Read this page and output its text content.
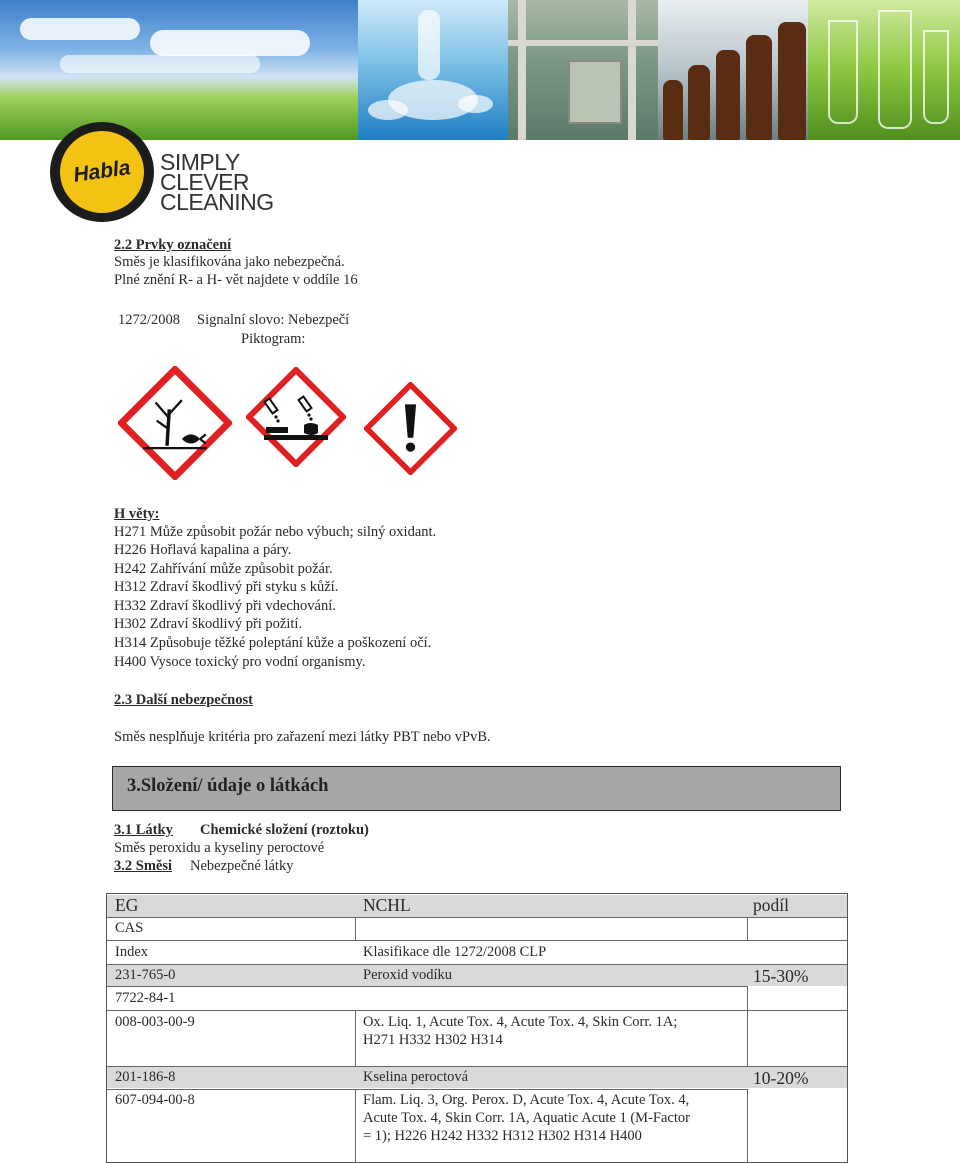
Habla	SIMPLY
CLEVER
CLEANING
2.2 Prvky označení
Směs je klasifikována jako nebezpečná.
Plné znění R- a H- vět najdete v oddíle 16
1272/2008 Signalní slovo: Nebezpečí
Piktogram:
H věty:
H271 Může způsobit požár nebo výbuch; silný oxidant.
H226 Hořlavá kapalina a páry.
H242 Zahřívání může způsobit požár.
H312 Zdraví škodlivý při styku s kůží.
H332 Zdraví škodlivý při vdechování.
H302 Zdraví škodlivý při požití.
H314 Způsobuje těžké poleptání kůže a poškození očí.
H400 Vysoce toxický pro vodní organismy.
2.3 Další nebezpečnost
Směs nesplňuje kritéria pro zařazení mezi látky PBT nebo vPvB.
3.Složení/ údaje o látkách
3.1 Látky Chemické složení (roztoku)
Směs peroxidu a kyseliny peroctové
3.2 Směsi Nebezpečné látky
EG	NCHL	podíl
CAS
Index	Klasifikace dle 1272/2008 CLP
231-765-0	Peroxid vodíku	15-30%
7722-84-1
008-003-00-9	Ox. Liq. 1, Acute Tox. 4, Acute Tox. 4, Skin Corr. 1A;
H271 H332 H302 H314
201-186-8	Kselina peroctová	10-20%
607-094-00-8	Flam. Liq. 3, Org. Perox. D, Acute Tox. 4, Acute Tox. 4,
Acute Tox. 4, Skin Corr. 1A, Aquatic Acute 1 (M-Factor
= 1); H226 H242 H332 H312 H302 H314 H400
